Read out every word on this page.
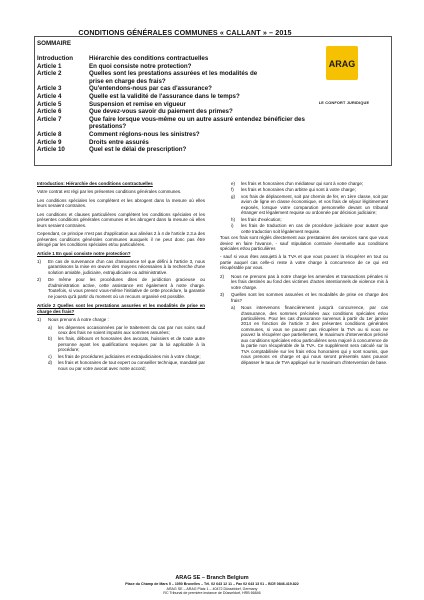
CONDITIONS GÉNÉRALES COMMUNES « CALLANT » – 2015
SOMMAIRE
Introduction	Hiérarchie des conditions contractuelles
Article 1	En quoi consiste notre protection?
Article 2	Quelles sont les prestations assurées et les modalités de
prise en charge des frais?
Article 3	Qu'entendons-nous par cas d'assurance?
Article 4	Quelle est la validité de l'assurance dans le temps?
Article 5	Suspension et remise en vigueur
Article 6	Que devez-vous savoir du paiement des primes?
Article 7	Que faire lorsque vous-même ou un autre assuré entendez bénéficier des
prestations?
Article 8	Comment réglons-nous les sinistres?
Article 9	Droits entre assurés
Article 10	Quel est le délai de prescription?
ARAG
LE CONFORT JURIDIQUE
Introduction: Hiérarchie des conditions contractuelles

Votre contrat est régi par les présentes conditions générales communes.

Les conditions spéciales les complètent et les abrogent dans la mesure où elles leurs seraient contraires.

Les conditions et clauses particulières complètent les conditions spéciales et les présentes conditions générales communes et les abrogent dans la mesure où elles leurs seraient contraires.

Cependant, ce principe n'est pas d'application aux alinéas 2 à 4 de l'article 2.3.a des présentes conditions générales communes auxquels il ne peut donc pas être dérogé par les conditions spéciales et/ou particulières.

Article 1 En quoi consiste notre protection?
1)	En cas de survenance d'un cas d'assurance tel que défini à l'article 3, nous garantissons la mise en œuvre des moyens nécessaires à la recherche d'une solution amiable, judiciaire, extrajudiciaire ou administrative.
2)	De même pour les procédures dites de juridiction gracieuse ou d'administration active, cette assistance est également à notre charge. Toutefois, si vous prenez vous-même l'initiative de cette procédure, la garantie ne jouera qu'à partir du moment où un recours organisé est possible.
Article 2 Quelles sont les prestations assurées et les modalités de prise en charge des frais?
1)	Nous prenons à notre charge :
a)	les dépenses occasionnées par le traitement du cas par nos soins sauf ceux des frais ne soient imputés aux sommes assurées;
b)	les frais, débours et honoraires des avocats, huissiers et de toute autre personne ayant les qualifications requises par la loi applicable à la procédure;
c)	les frais de procédures judiciaires et extrajudiciaires mis à votre charge;
d)	les frais et honoraires de tout expert ou conseiller technique, mandaté par nous ou par votre avocat avec notre accord;
e)	les frais et honoraires d'un médiateur qui sont à votre charge;
f)	les frais et honoraires d'un arbitre qui sont à votre charge;
g)	vos frais de déplacement, soit par chemin de fer, en 1ère classe, soit par avion de ligne en classe économique, et vos frais de séjour légitimement exposés, lorsque votre comparution personnelle devant un tribunal étranger est légalement requise ou ordonnée par décision judiciaire;
h)	les frais d'exécution;
i)	les frais de traduction en cas de procédure judiciaire pour autant que cette traduction soit légalement requise.

Tous ces frais sont réglés directement aux prestataires des services sans que vous deviez en faire l'avance, - sauf stipulation contraire éventuelle aux conditions spéciales et/ou particulières

- sauf si vous êtes assujetti à la TVA et que vous pouvez la récupérer en tout ou partie auquel cas celle-ci reste à votre charge à concurrence de ce qui est récupérable par vous.

2)	Nous ne prenons pas à notre charge les amendes et transactions pénales ni les frais destinés au fond des victimes d'actes intentionnels de violence mis à votre charge.
3)	Quelles sont les sommes assurées et les modalités de prise en charge des frais?
a)	Nous intervenons financièrement jusqu'à concurrence, par cas d'assurance, des sommes précisées aux conditions spéciales et/ou particulières. Pour les cas d'assurance survenus à partir du 1er janvier 2014 en fonction de l'article 3 des présentes conditions générales communes, si vous ne pouvez pas récupérer la TVA ou si vous ne pouvez la récupérer que partiellement, le maximum d'intervention précisé aux conditions spéciales et/ou particulières sera majoré à concurrence de la partie non récupérable de la TVA. Ce supplément sera calculé sur la TVA comptabilisée sur les frais et/ou honoraires qui y sont soumis, que nous prenons en charge et qui nous seront présentés sans pouvoir dépasser le taux de TVA appliqué sur le maximum d'intervention de base.
ARAG SE – Branch Belgium
Place du Champ de Mars 5 – 1050 Bruxelles – Tél. 02 643 12 11 – Fax 02 643 13 01 – BCE 0846.419.822
ARAG SE – ARAG Platz 1 – 40472 Düsseldorf, Germany
RC Tribunal de première instance de Düsseldorf, HRB 66846
